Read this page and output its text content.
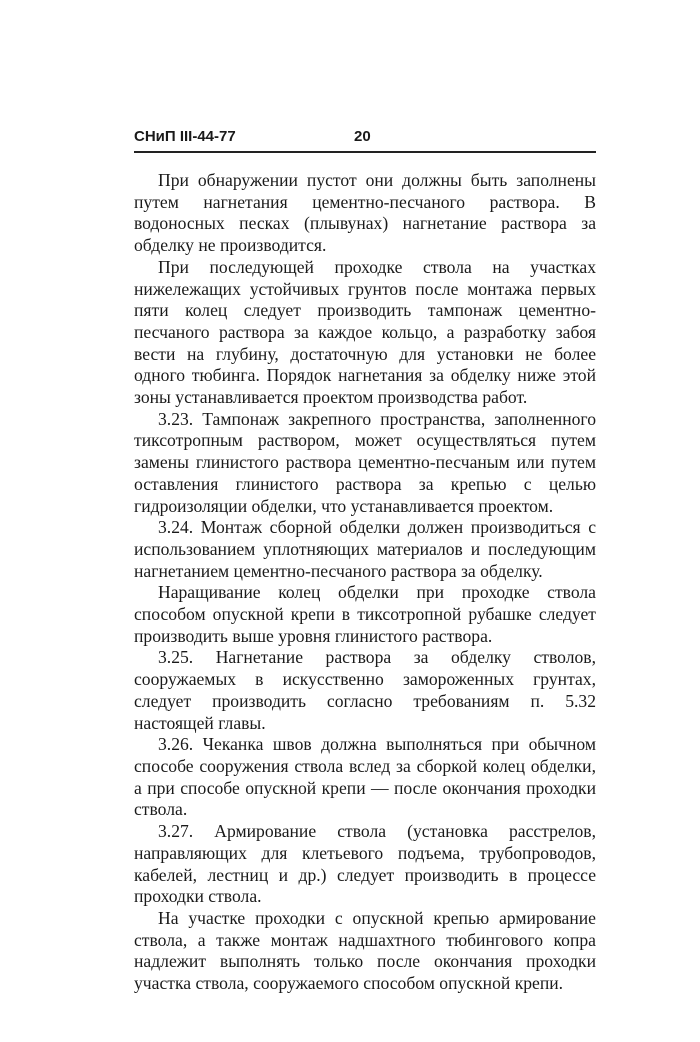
СНиП III-44-77	20

При обнаружении пустот они должны быть заполнены путем нагнетания цементно-песчаного раствора. В водоносных песках (плывунах) нагнетание раствора за обделку не производится.

При последующей проходке ствола на участках нижележащих устойчивых грунтов после монтажа первых пяти колец следует производить тампонаж цементно-песчаного раствора за каждое кольцо, а разработку забоя вести на глубину, достаточную для установки не более одного тюбинга. Порядок нагнетания за обделку ниже этой зоны устанавливается проектом производства работ.

3.23. Тампонаж закрепного пространства, заполненного тиксотропным раствором, может осуществляться путем замены глинистого раствора цементно-песчаным или путем оставления глинистого раствора за крепью с целью гидроизоляции обделки, что устанавливается проектом.

3.24. Монтаж сборной обделки должен производиться с использованием уплотняющих материалов и последующим нагнетанием цементно-песчаного раствора за обделку.

Наращивание колец обделки при проходке ствола способом опускной крепи в тиксотропной рубашке следует производить выше уровня глинистого раствора.

3.25. Нагнетание раствора за обделку стволов, сооружаемых в искусственно замороженных грунтах, следует производить согласно требованиям п. 5.32 настоящей главы.

3.26. Чеканка швов должна выполняться при обычном способе сооружения ствола вслед за сборкой колец обделки, а при способе опускной крепи — после окончания проходки ствола.

3.27. Армирование ствола (установка расстрелов, направляющих для клетьевого подъема, трубопроводов, кабелей, лестниц и др.) следует производить в процессе проходки ствола.

На участке проходки с опускной крепью армирование ствола, а также монтаж надшахтного тюбингового копра надлежит выполнять только после окончания проходки участка ствола, сооружаемого способом опускной крепи.
